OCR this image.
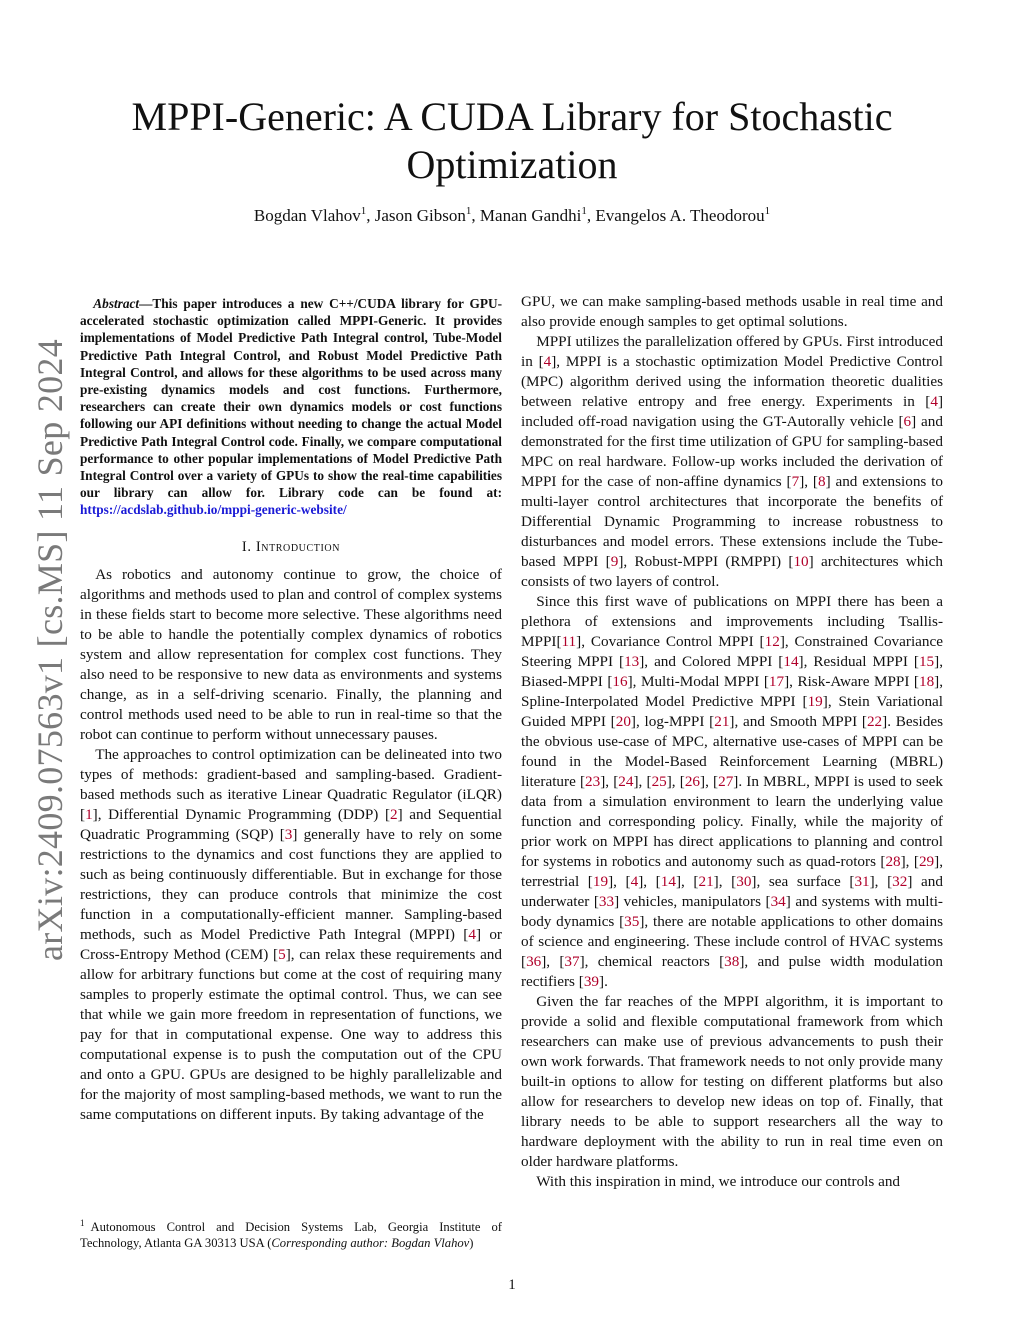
arXiv:2409.07563v1 [cs.MS] 11 Sep 2024
MPPI-Generic: A CUDA Library for Stochastic Optimization
Bogdan Vlahov$^1$, Jason Gibson$^1$, Manan Gandhi$^1$, Evangelos A. Theodorou$^1$

Abstract—This paper introduces a new C++/CUDA library for GPU-accelerated stochastic optimization called MPPI-Generic. It provides implementations of Model Predictive Path Integral control, Tube-Model Predictive Path Integral Control, and Robust Model Predictive Path Integral Control, and allows for these algorithms to be used across many pre-existing dynamics models and cost functions. Furthermore, researchers can create their own dynamics models or cost functions following our API definitions without needing to change the actual Model Predictive Path Integral Control code. Finally, we compare computational performance to other popular implementations of Model Predictive Path Integral Control over a variety of GPUs to show the real-time capabilities our library can allow for. Library code can be found at: https://acdslab.github.io/mppi-generic-website/

I. Introduction

As robotics and autonomy continue to grow, the choice of algorithms and methods used to plan and control of complex systems in these fields start to become more selective. These algorithms need to be able to handle the potentially complex dynamics of robotics system and allow representation for complex cost functions. They also need to be responsive to new data as environments and systems change, as in a self-driving scenario. Finally, the planning and control methods used need to be able to run in real-time so that the robot can continue to perform without unnecessary pauses.

The approaches to control optimization can be delineated into two types of methods: gradient-based and sampling-based. Gradient-based methods such as iterative Linear Quadratic Regulator (iLQR) [1], Differential Dynamic Programming (DDP) [2] and Sequential Quadratic Programming (SQP) [3] generally have to rely on some restrictions to the dynamics and cost functions they are applied to such as being continuously differentiable. But in exchange for those restrictions, they can produce controls that minimize the cost function in a computationally-efficient manner. Sampling-based methods, such as Model Predictive Path Integral (MPPI) [4] or Cross-Entropy Method (CEM) [5], can relax these requirements and allow for arbitrary functions but come at the cost of requiring many samples to properly estimate the optimal control. Thus, we can see that while we gain more freedom in representation of functions, we pay for that in computational expense. One way to address this computational expense is to push the computation out of the CPU and onto a GPU. GPUs are designed to be highly parallelizable and for the majority of most sampling-based methods, we want to run the same computations on different inputs. By taking advantage of the

$^1$ Autonomous Control and Decision Systems Lab, Georgia Institute of Technology, Atlanta GA 30313 USA (Corresponding author: Bogdan Vlahov)

GPU, we can make sampling-based methods usable in real time and also provide enough samples to get optimal solutions.

MPPI utilizes the parallelization offered by GPUs. First introduced in [4], MPPI is a stochastic optimization Model Predictive Control (MPC) algorithm derived using the information theoretic dualities between relative entropy and free energy. Experiments in [4] included off-road navigation using the GT-Autorally vehicle [6] and demonstrated for the first time utilization of GPU for sampling-based MPC on real hardware. Follow-up works included the derivation of MPPI for the case of non-affine dynamics [7], [8] and extensions to multi-layer control architectures that incorporate the benefits of Differential Dynamic Programming to increase robustness to disturbances and model errors. These extensions include the Tube-based MPPI [9], Robust-MPPI (RMPPI) [10] architectures which consists of two layers of control.

Since this first wave of publications on MPPI there has been a plethora of extensions and improvements including Tsallis-MPPI[11], Covariance Control MPPI [12], Constrained Covariance Steering MPPI [13], and Colored MPPI [14], Residual MPPI [15], Biased-MPPI [16], Multi-Modal MPPI [17], Risk-Aware MPPI [18], Spline-Interpolated Model Predictive MPPI [19], Stein Variational Guided MPPI [20], log-MPPI [21], and Smooth MPPI [22]. Besides the obvious use-case of MPC, alternative use-cases of MPPI can be found in the Model-Based Reinforcement Learning (MBRL) literature [23], [24], [25], [26], [27]. In MBRL, MPPI is used to seek data from a simulation environment to learn the underlying value function and corresponding policy. Finally, while the majority of prior work on MPPI has direct applications to planning and control for systems in robotics and autonomy such as quad-rotors [28], [29], terrestrial [19], [4], [14], [21], [30], sea surface [31], [32] and underwater [33] vehicles, manipulators [34] and systems with multi-body dynamics [35], there are notable applications to other domains of science and engineering. These include control of HVAC systems [36], [37], chemical reactors [38], and pulse width modulation rectifiers [39].

Given the far reaches of the MPPI algorithm, it is important to provide a solid and flexible computational framework from which researchers can make use of previous advancements to push their own work forwards. That framework needs to not only provide many built-in options to allow for testing on different platforms but also allow for researchers to develop new ideas on top of. Finally, that library needs to be able to support researchers all the way to hardware deployment with the ability to run in real time even on older hardware platforms.

With this inspiration in mind, we introduce our controls and

1
